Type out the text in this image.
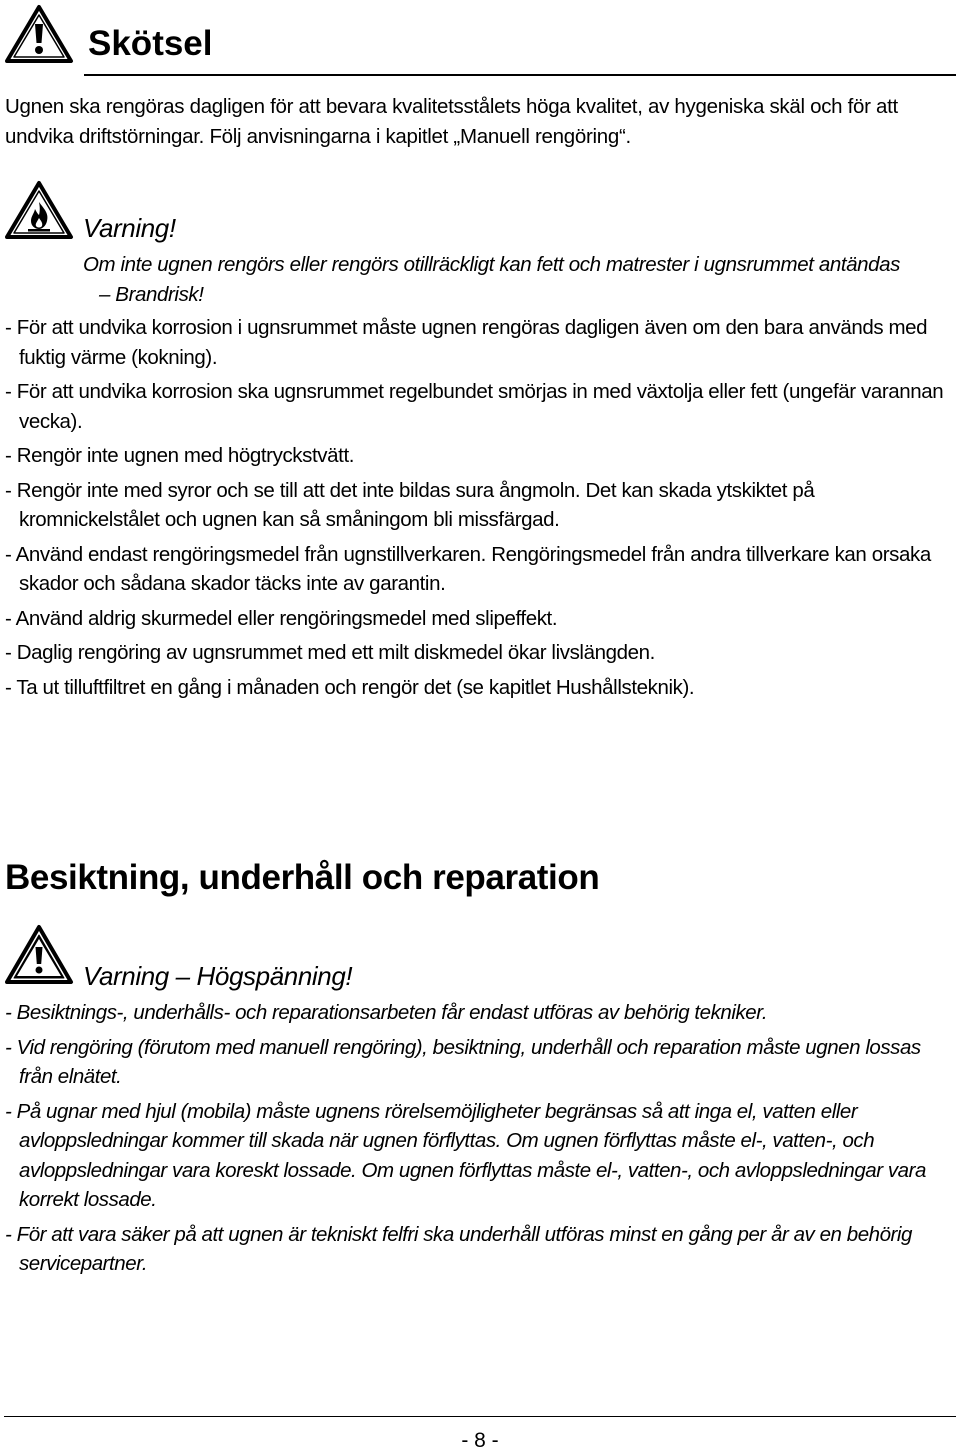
Skötsel
Ugnen ska rengöras dagligen för att bevara kvalitetsstålets höga kvalitet, av hygeniska skäl och för att undvika driftstörningar. Följ anvisningarna i kapitlet „Manuell rengöring“.
Varning!
Om inte ugnen rengörs eller rengörs otillräckligt kan fett och matrester i ugnsrummet antändas
– Brandrisk!
- För att undvika korrosion i ugnsrummet måste ugnen rengöras dagligen även om den bara används med fuktig värme (kokning).
- För att undvika korrosion ska ugnsrummet regelbundet smörjas in med växtolja eller fett (ungefär varannan vecka).
- Rengör inte ugnen med högtryckstvätt.
- Rengör inte med syror och se till att det inte bildas sura ångmoln. Det kan skada ytskiktet på kromnickelstålet och ugnen kan så småningom bli missfärgad.
- Använd endast rengöringsmedel från ugnstillverkaren. Rengöringsmedel från andra tillverkare kan orsaka skador och sådana skador täcks inte av garantin.
- Använd aldrig skurmedel eller rengöringsmedel med slipeffekt.
- Daglig rengöring av ugnsrummet med ett milt diskmedel ökar livslängden.
- Ta ut tilluftfiltret en gång i månaden och rengör det (se kapitlet Hushållsteknik).
Besiktning, underhåll och reparation
Varning – Högspänning!
- Besiktnings-, underhålls- och reparationsarbeten får endast utföras av behörig tekniker.
- Vid rengöring (förutom med manuell rengöring), besiktning, underhåll och reparation måste ugnen lossas från elnätet.
- På ugnar med hjul (mobila) måste ugnens rörelsemöjligheter begränsas så att inga el, vatten eller avloppsledningar kommer till skada när ugnen förflyttas. Om ugnen förflyttas måste el-, vatten-, och avloppsledningar vara koreskt lossade. Om ugnen förflyttas måste el-, vatten-, och avloppsledningar vara korrekt lossade.
- För att vara säker på att ugnen är tekniskt felfri ska underhåll utföras minst en gång per år av en behörig servicepartner.
- 8 -
